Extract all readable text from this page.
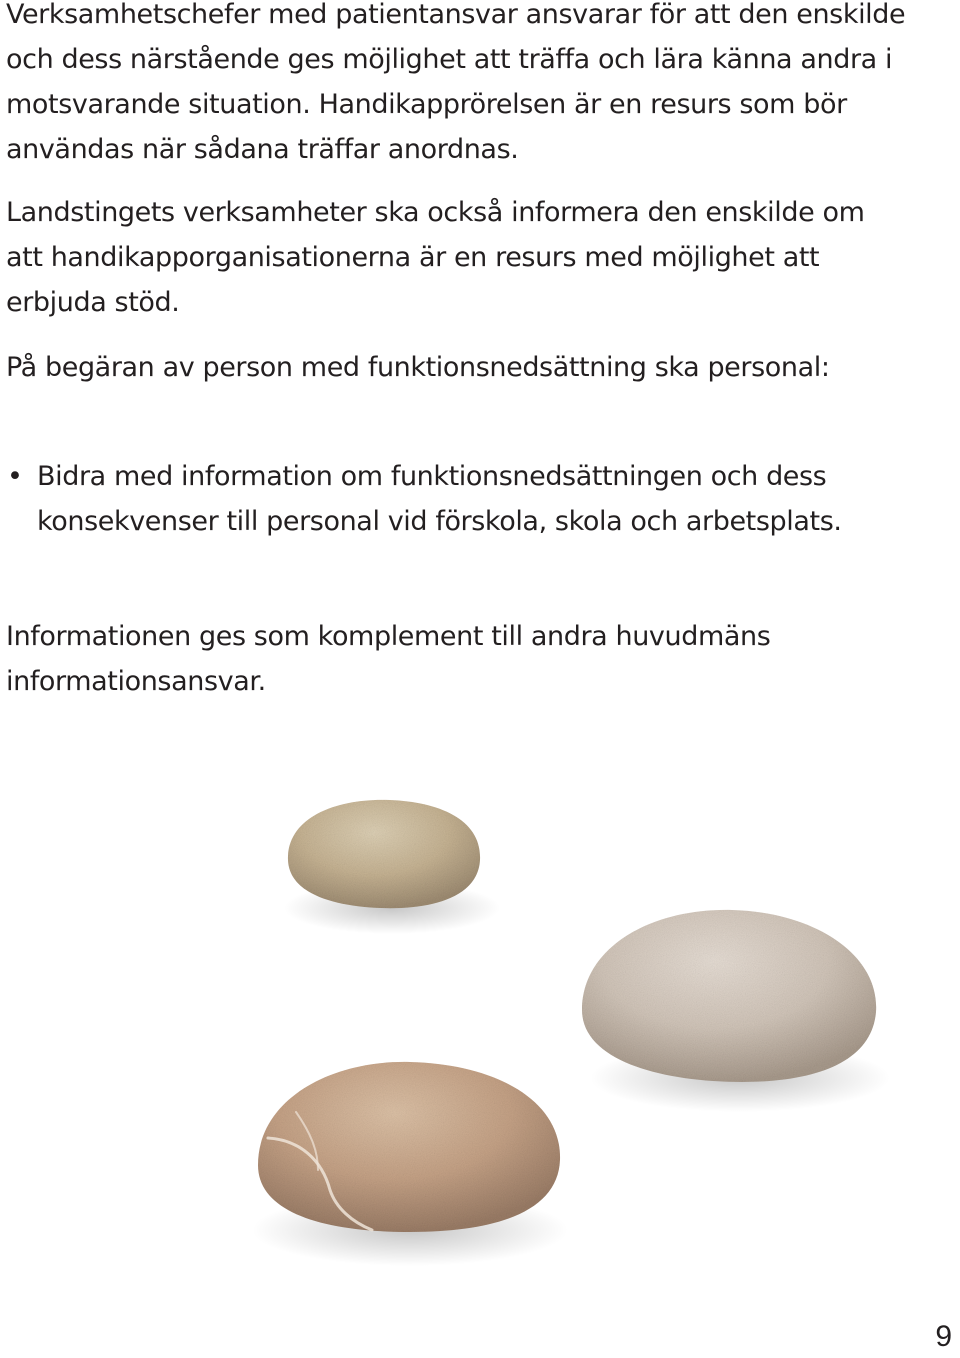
Verksamhetschefer med patientansvar ansvarar för att den enskilde och dess närstående ges möjlighet att träffa och lära känna andra i motsvarande situation. Handikapprörelsen är en resurs som bör användas när sådana träffar anordnas.

Landstingets verksamheter ska också informera den enskilde om att handikapporganisationerna är en resurs med möjlighet att erbjuda stöd.

På begäran av person med funktionsnedsättning ska personal:

• Bidra med information om funktionsnedsättningen och dess konsekvenser till personal vid förskola, skola och arbetsplats.

Informationen ges som komplement till andra huvudmäns informationsansvar.

9
